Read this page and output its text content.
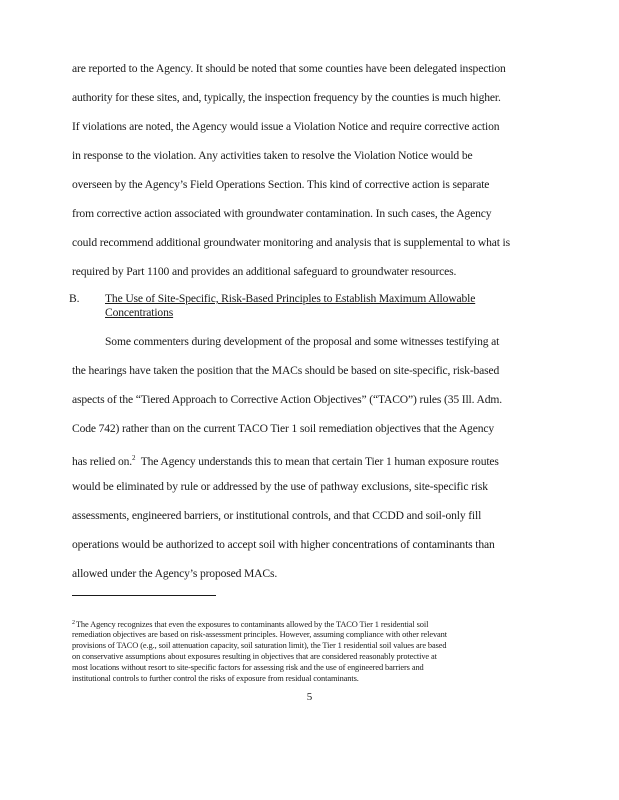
are reported to the Agency. It should be noted that some counties have been delegated inspection
authority for these sites, and, typically, the inspection frequency by the counties is much higher.
If violations are noted, the Agency would issue a Violation Notice and require corrective action
in response to the violation. Any activities taken to resolve the Violation Notice would be
overseen by the Agency’s Field Operations Section. This kind of corrective action is separate
from corrective action associated with groundwater contamination. In such cases, the Agency
could recommend additional groundwater monitoring and analysis that is supplemental to what is
required by Part 1100 and provides an additional safeguard to groundwater resources.
B. The Use of Site-Specific, Risk-Based Principles to Establish Maximum Allowable
Concentrations
Some commenters during development of the proposal and some witnesses testifying at
the hearings have taken the position that the MACs should be based on site-specific, risk-based
aspects of the “Tiered Approach to Corrective Action Objectives” (“TACO”) rules (35 Ill. Adm.
Code 742) rather than on the current TACO Tier 1 soil remediation objectives that the Agency
has relied on.$^2$  The Agency understands this to mean that certain Tier 1 human exposure routes
would be eliminated by rule or addressed by the use of pathway exclusions, site-specific risk
assessments, engineered barriers, or institutional controls, and that CCDD and soil-only fill
operations would be authorized to accept soil with higher concentrations of contaminants than
allowed under the Agency’s proposed MACs.
$^2$The Agency recognizes that even the exposures to contaminants allowed by the TACO Tier 1 residential soil
remediation objectives are based on risk-assessment principles. However, assuming compliance with other relevant
provisions of TACO (e.g., soil attenuation capacity, soil saturation limit), the Tier 1 residential soil values are based
on conservative assumptions about exposures resulting in objectives that are considered reasonably protective at
most locations without resort to site-specific factors for assessing risk and the use of engineered barriers and
institutional controls to further control the risks of exposure from residual contaminants.
5
